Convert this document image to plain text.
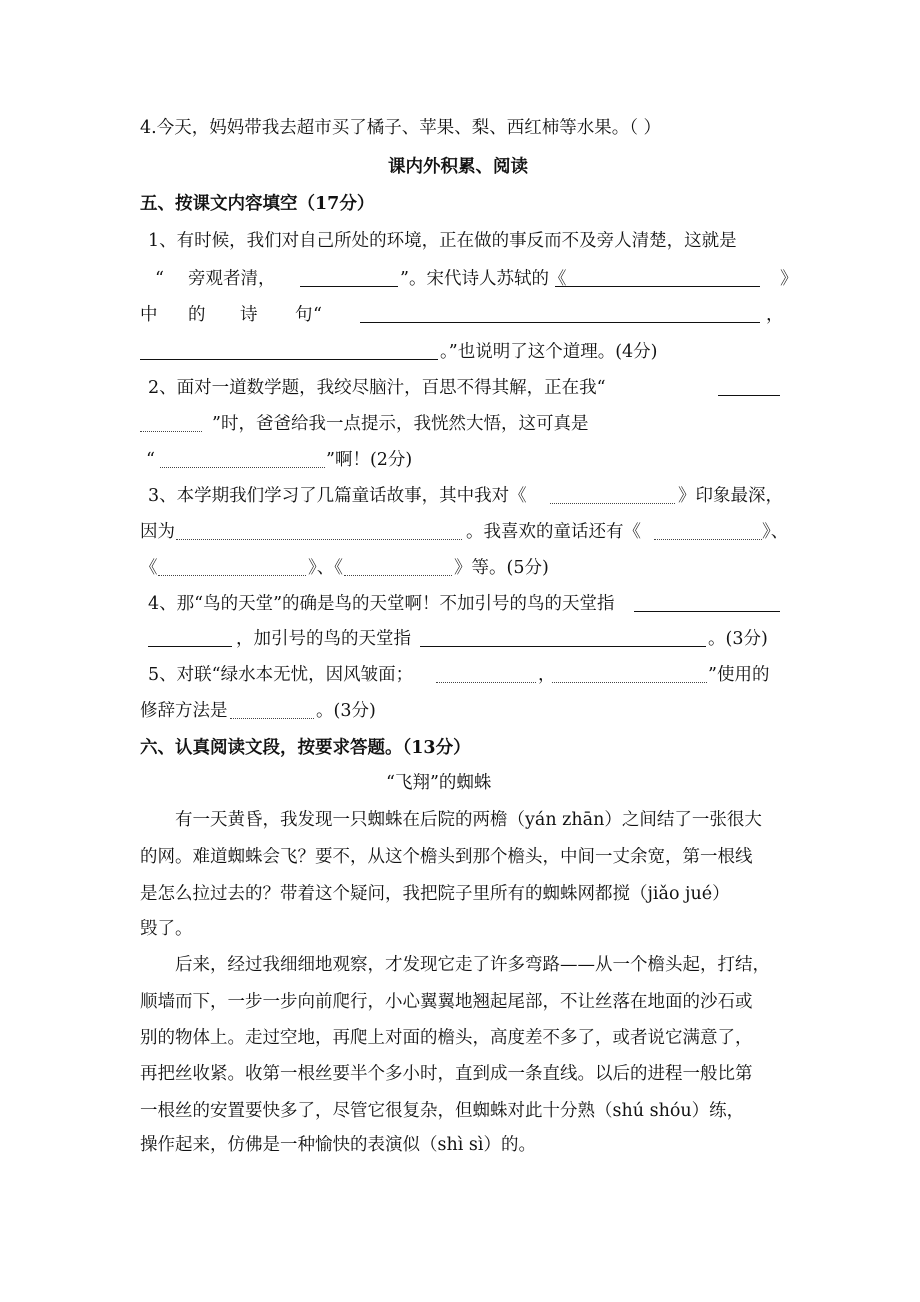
4.今天，妈妈带我去超市买了橘子、苹果、梨、西红柿等水果。（ ）
课内外积累、阅读
五、按课文内容填空（17分）
1、有时候，我们对自己所处的环境，正在做的事反而不及旁人清楚，这就是
“ 旁观者清，	”。宋代诗人苏轼的《	》
中 的 诗 句 “	，
。”也说明了这个道理。(4分)
2、面对一道数学题，我绞尽脑汁，百思不得其解，正在我“
”时，爸爸给我一点提示，我恍然大悟，这可真是
“	”啊！(2分)
3、本学期我们学习了几篇童话故事，其中我对《	》印象最深，
因为	。我喜欢的童话还有《	》、
《	》、《	》等。(5分)
4、那“鸟的天堂”的确是鸟的天堂啊！不加引号的鸟的天堂指
，加引号的鸟的天堂指	。(3分)
5、对联“绿水本无忧，因风皱面；	，	”使用的
修辞方法是	。(3分)
六、认真阅读文段，按要求答题。（13分）
“飞翔”的蜘蛛
有一天黄昏，我发现一只蜘蛛在后院的两檐（yán zhān）之间结了一张很大
的网。难道蜘蛛会飞？要不，从这个檐头到那个檐头，中间一丈余宽，第一根线
是怎么拉过去的？带着这个疑问，我把院子里所有的蜘蛛网都搅（jiǎo jué）
毁了。
后来，经过我细细地观察，才发现它走了许多弯路——从一个檐头起，打结，
顺墙而下，一步一步向前爬行，小心翼翼地翘起尾部，不让丝落在地面的沙石或
别的物体上。走过空地，再爬上对面的檐头，高度差不多了，或者说它满意了，
再把丝收紧。收第一根丝要半个多小时，直到成一条直线。以后的进程一般比第
一根丝的安置要快多了，尽管它很复杂，但蜘蛛对此十分熟（shú shóu）练，
操作起来，仿佛是一种愉快的表演似（shì sì）的。
